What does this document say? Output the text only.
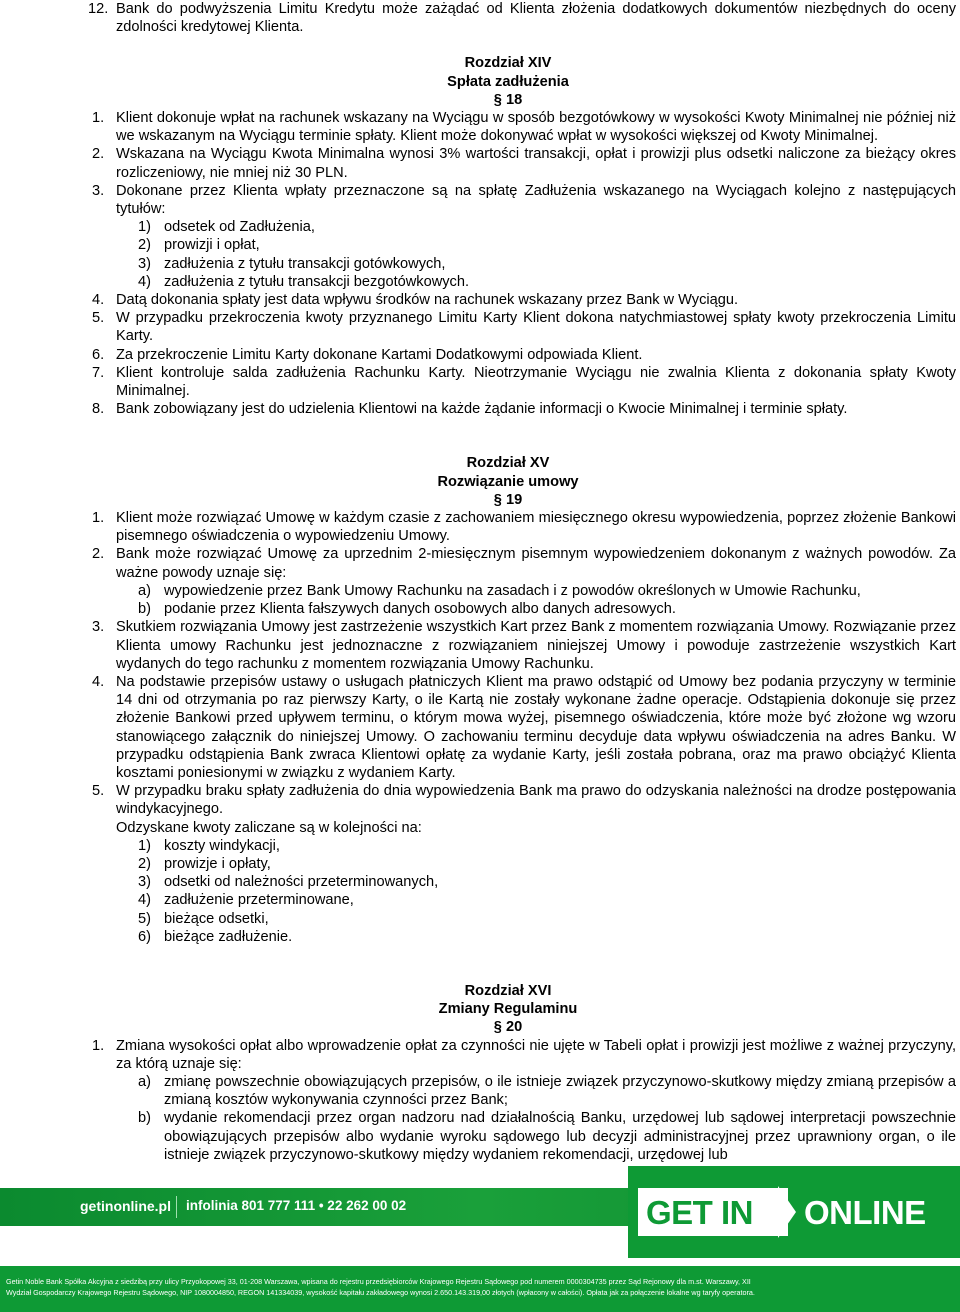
12. Bank do podwyższenia Limitu Kredytu może zażądać od Klienta złożenia dodatkowych dokumentów niezbędnych do oceny zdolności kredytowej Klienta.
Rozdział XIV
Spłata zadłużenia
§ 18
1. Klient dokonuje wpłat na rachunek wskazany na Wyciągu w sposób bezgotówkowy w wysokości Kwoty Minimalnej nie później niż we wskazanym na Wyciągu terminie spłaty. Klient może dokonywać wpłat w wysokości większej od Kwoty Minimalnej.
2. Wskazana na Wyciągu Kwota Minimalna wynosi 3% wartości transakcji, opłat i prowizji plus odsetki naliczone za bieżący okres rozliczeniowy, nie mniej niż 30 PLN.
3. Dokonane przez Klienta wpłaty przeznaczone są na spłatę Zadłużenia wskazanego na Wyciągach kolejno z następujących tytułów:
1) odsetek od Zadłużenia,
2) prowizji i opłat,
3) zadłużenia z tytułu transakcji gotówkowych,
4) zadłużenia z tytułu transakcji bezgotówkowych.
4. Datą dokonania spłaty jest data wpływu środków na rachunek wskazany przez Bank w Wyciągu.
5. W przypadku przekroczenia kwoty przyznanego Limitu Karty Klient dokona natychmiastowej spłaty kwoty przekroczenia Limitu Karty.
6. Za przekroczenie Limitu Karty dokonane Kartami Dodatkowymi odpowiada Klient.
7. Klient kontroluje salda zadłużenia Rachunku Karty. Nieotrzymanie Wyciągu nie zwalnia Klienta z dokonania spłaty Kwoty Minimalnej.
8. Bank zobowiązany jest do udzielenia Klientowi na każde żądanie informacji o Kwocie Minimalnej i terminie spłaty.
Rozdział XV
Rozwiązanie umowy
§ 19
1. Klient może rozwiązać Umowę w każdym czasie z zachowaniem miesięcznego okresu wypowiedzenia, poprzez złożenie Bankowi pisemnego oświadczenia o wypowiedzeniu Umowy.
2. Bank może rozwiązać Umowę za uprzednim 2-miesięcznym pisemnym wypowiedzeniem dokonanym z ważnych powodów. Za ważne powody uznaje się:
a) wypowiedzenie przez Bank Umowy Rachunku na zasadach i z powodów określonych w Umowie Rachunku,
b) podanie przez Klienta fałszywych danych osobowych albo danych adresowych.
3. Skutkiem rozwiązania Umowy jest zastrzeżenie wszystkich Kart przez Bank z momentem rozwiązania Umowy. Rozwiązanie przez Klienta umowy Rachunku jest jednoznaczne z rozwiązaniem niniejszej Umowy i powoduje zastrzeżenie wszystkich Kart wydanych do tego rachunku z momentem rozwiązania Umowy Rachunku.
4. Na podstawie przepisów ustawy o usługach płatniczych Klient ma prawo odstąpić od Umowy bez podania przyczyny w terminie 14 dni od otrzymania po raz pierwszy Karty, o ile Kartą nie zostały wykonane żadne operacje. Odstąpienia dokonuje się przez złożenie Bankowi przed upływem terminu, o którym mowa wyżej, pisemnego oświadczenia, które może być złożone wg wzoru stanowiącego załącznik do niniejszej Umowy. O zachowaniu terminu decyduje data wpływu oświadczenia na adres Banku. W przypadku odstąpienia Bank zwraca Klientowi opłatę za wydanie Karty, jeśli została pobrana, oraz ma prawo obciążyć Klienta kosztami poniesionymi w związku z wydaniem Karty.
5. W przypadku braku spłaty zadłużenia do dnia wypowiedzenia Bank ma prawo do odzyskania należności na drodze postępowania windykacyjnego.
Odzyskane kwoty zaliczane są w kolejności na:
1) koszty windykacji,
2) prowizje i opłaty,
3) odsetki od należności przeterminowanych,
4) zadłużenie przeterminowane,
5) bieżące odsetki,
6) bieżące zadłużenie.
Rozdział XVI
Zmiany Regulaminu
§ 20
1. Zmiana wysokości opłat albo wprowadzenie opłat za czynności nie ujęte w Tabeli opłat i prowizji jest możliwe z ważnej przyczyny, za którą uznaje się:
a) zmianę powszechnie obowiązujących przepisów, o ile istnieje związek przyczynowo-skutkowy między zmianą przepisów a zmianą kosztów wykonywania czynności przez Bank;
b) wydanie rekomendacji przez organ nadzoru nad działalnością Banku, urzędowej lub sądowej interpretacji powszechnie obowiązujących przepisów albo wydanie wyroku sądowego lub decyzji administracyjnej przez uprawniony organ, o ile istnieje związek przyczynowo-skutkowy między wydaniem rekomendacji, urzędowej lub
getinonline.pl infolinia 801 777 111 • 22 262 00 02	GET IN ONLINE
Getin Noble Bank Spółka Akcyjna z siedzibą przy ulicy Przyokopowej 33, 01-208 Warszawa, wpisana do rejestru przedsiębiorców Krajowego Rejestru Sądowego pod numerem 0000304735 przez Sąd Rejonowy dla m.st. Warszawy, XII
Wydział Gospodarczy Krajowego Rejestru Sądowego, NIP 1080004850, REGON 141334039, wysokość kapitału zakładowego wynosi 2.650.143.319,00 złotych (wpłacony w całości). Opłata jak za połączenie lokalne wg taryfy operatora.
